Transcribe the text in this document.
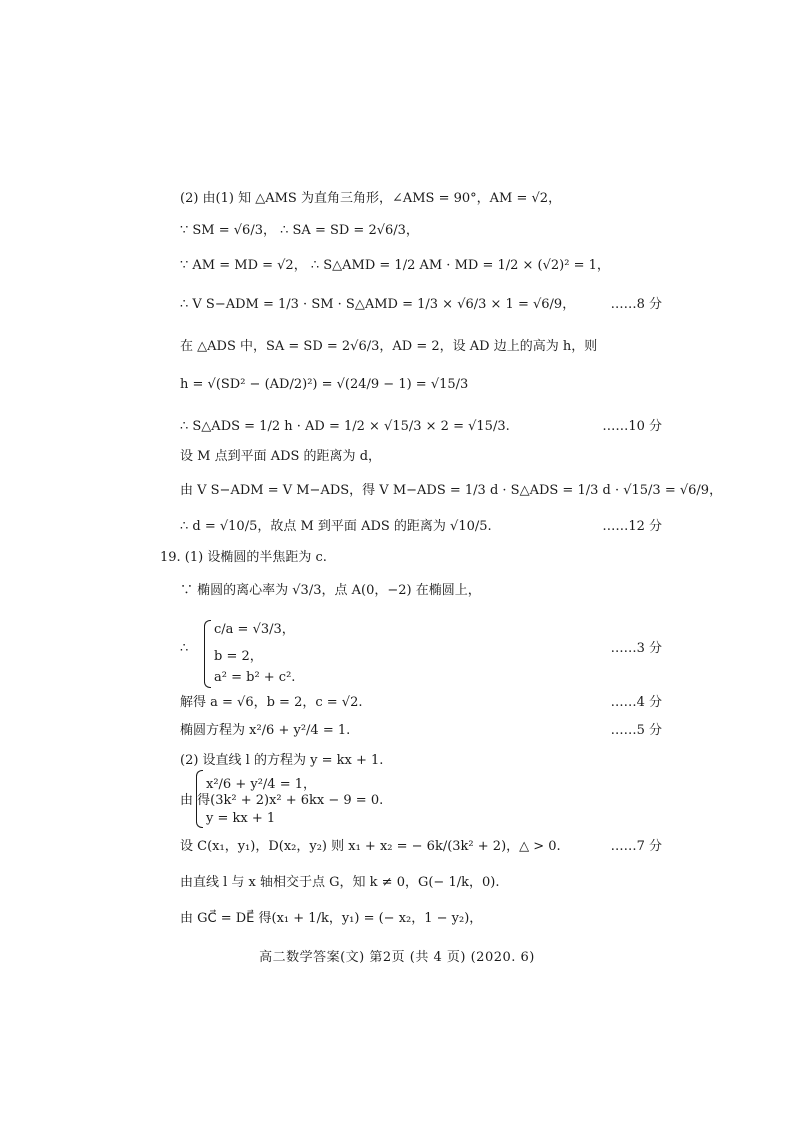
(2) 由(1) 知 △AMS 为直角三角形，∠AMS = 90°，AM = √2，
∵ SM = √6/3， ∴ SA = SD = 2√6/3，
∵ AM = MD = √2， ∴ S△AMD = 1/2 AM · MD = 1/2 × (√2)² = 1，
∴ V S−ADM = 1/3 · SM · S△AMD = 1/3 × √6/3 × 1 = √6/9，	……8 分
在 △ADS 中，SA = SD = 2√6/3，AD = 2，设 AD 边上的高为 h，则
h = √(SD² − (AD/2)²) = √(24/9 − 1) = √15/3
∴ S△ADS = 1/2 h · AD = 1/2 × √15/3 × 2 = √15/3.	……10 分
设 M 点到平面 ADS 的距离为 d，
由 V S−ADM = V M−ADS，得 V M−ADS = 1/3 d · S△ADS = 1/3 d · √15/3 = √6/9，
∴ d = √10/5，故点 M 到平面 ADS 的距离为 √10/5.	……12 分
19. (1) 设椭圆的半焦距为 c.
∵ 椭圆的离心率为 √3/3，点 A(0，−2) 在椭圆上，
c/a = √3/3，
∴	……3 分
b = 2，
a² = b² + c².
解得 a = √6，b = 2，c = √2.	……4 分
椭圆方程为 x²/6 + y²/4 = 1.	……5 分
(2) 设直线 l 的方程为 y = kx + 1.
x²/6 + y²/4 = 1，
由 得(3k² + 2)x² + 6kx − 9 = 0.
y = kx + 1
设 C(x₁，y₁)，D(x₂，y₂) 则 x₁ + x₂ = − 6k/(3k² + 2)，△ > 0.	……7 分
由直线 l 与 x 轴相交于点 G，知 k ≠ 0，G(− 1/k，0).
由 GC⃗ = DE⃗ 得(x₁ + 1/k，y₁) = (− x₂，1 − y₂)，
高二数学答案(文) 第2页 (共 4 页) (2020. 6)
